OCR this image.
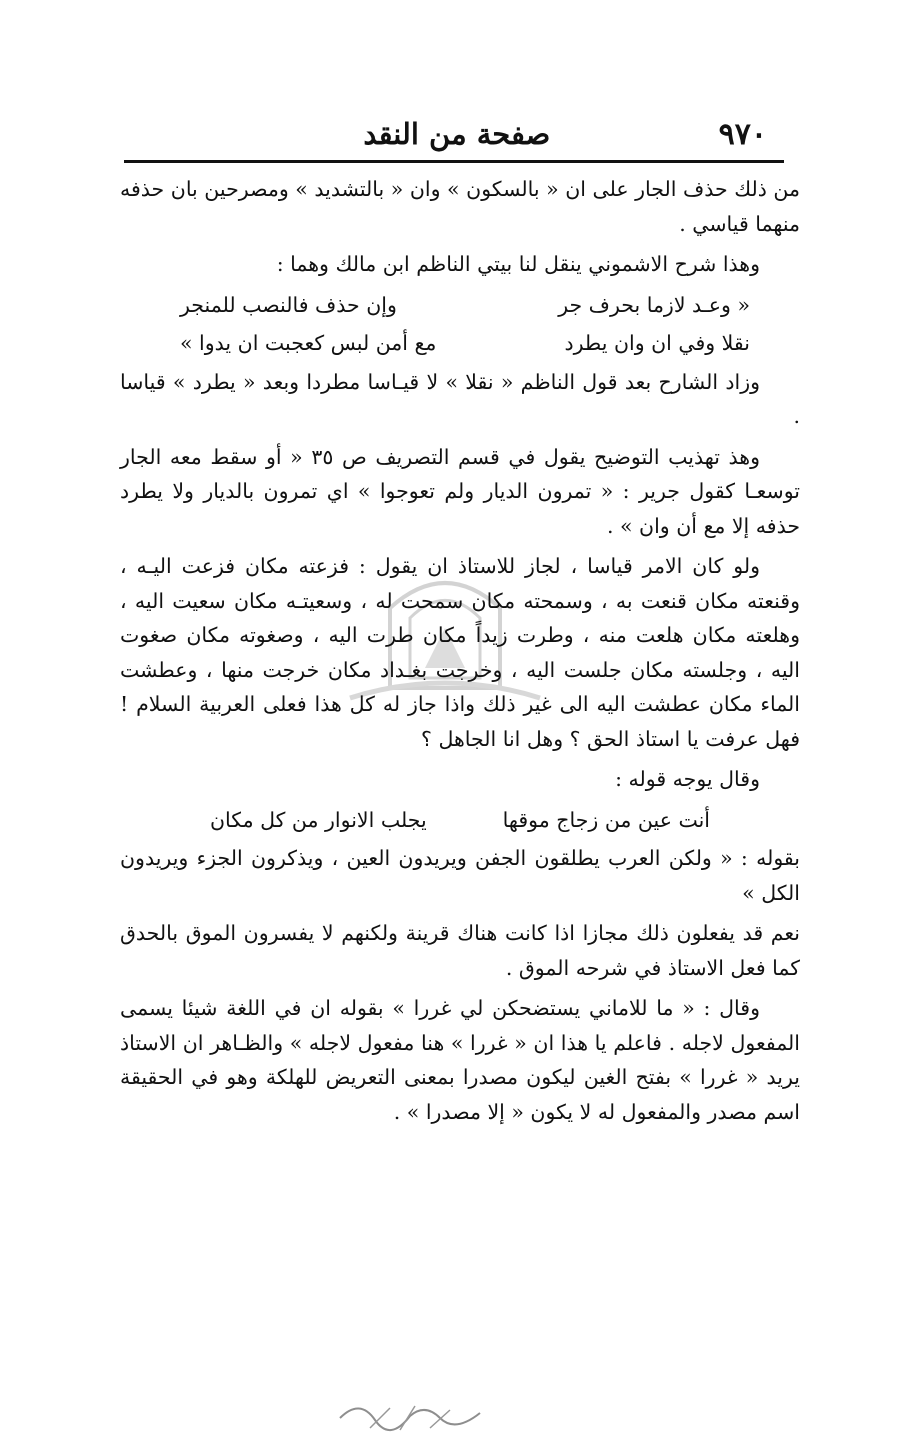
٩٧٠
صفحة من النقد

من ذلك حذف الجار على ان « بالسكون » وان « بالتشديد » ومصرحين بان حذفه منهما قياسي .

وهذا شرح الاشموني ينقل لنا بيتي الناظم ابن مالك وهما :

« وعـد لازما بحرف جر
وإن حذف فالنصب للمنجر
نقلا وفي ان وان يطرد
مع أمن لبس كعجبت ان يدوا »

وزاد الشارح بعد قول الناظم « نقلا » لا قيـاسا مطردا وبعد « يطرد » قياسا .

وهذ تهذيب التوضيح يقول في قسم التصريف ص ٣٥ « أو سقط معه الجار توسعـا كقول جرير : « تمرون الديار ولم تعوجوا » اي تمرون بالديار ولا يطرد حذفه إلا مع أن وان » .

ولو كان الامر قياسا ، لجاز للاستاذ ان يقول : فزعته مكان فزعت اليـه ، وقنعته مكان قنعت به ، وسمحته مكان سمحت له ، وسعيتـه مكان سعيت اليه ، وهلعته مكان هلعت منه ، وطرت زيداً مكان طرت اليه ، وصغوته مكان صغوت اليه ، وجلسته مكان جلست اليه ، وخرجت بغـداد مكان خرجت منها ، وعطشت الماء مكان عطشت اليه الى غير ذلك واذا جاز له كل هذا فعلى العربية السلام ! فهل عرفت يا استاذ الحق ؟ وهل انا الجاهل ؟

وقال يوجه قوله :

أنت عين من زجاج موقها
يجلب الانوار من كل مكان

بقوله : « ولكن العرب يطلقون الجفن ويريدون العين ، ويذكرون الجزء ويريدون الكل »

نعم قد يفعلون ذلك مجازا اذا كانت هناك قرينة ولكنهم لا يفسرون الموق بالحدق كما فعل الاستاذ في شرحه الموق .

وقال : « ما للاماني يستضحكن لي غررا » بقوله ان في اللغة شيئا يسمى المفعول لاجله . فاعلم يا هذا ان « غررا » هنا مفعول لاجله » والظـاهر ان الاستاذ يريد « غررا » بفتح الغين ليكون مصدرا بمعنى التعريض للهلكة وهو في الحقيقة اسم مصدر والمفعول له لا يكون « إلا مصدرا » .
